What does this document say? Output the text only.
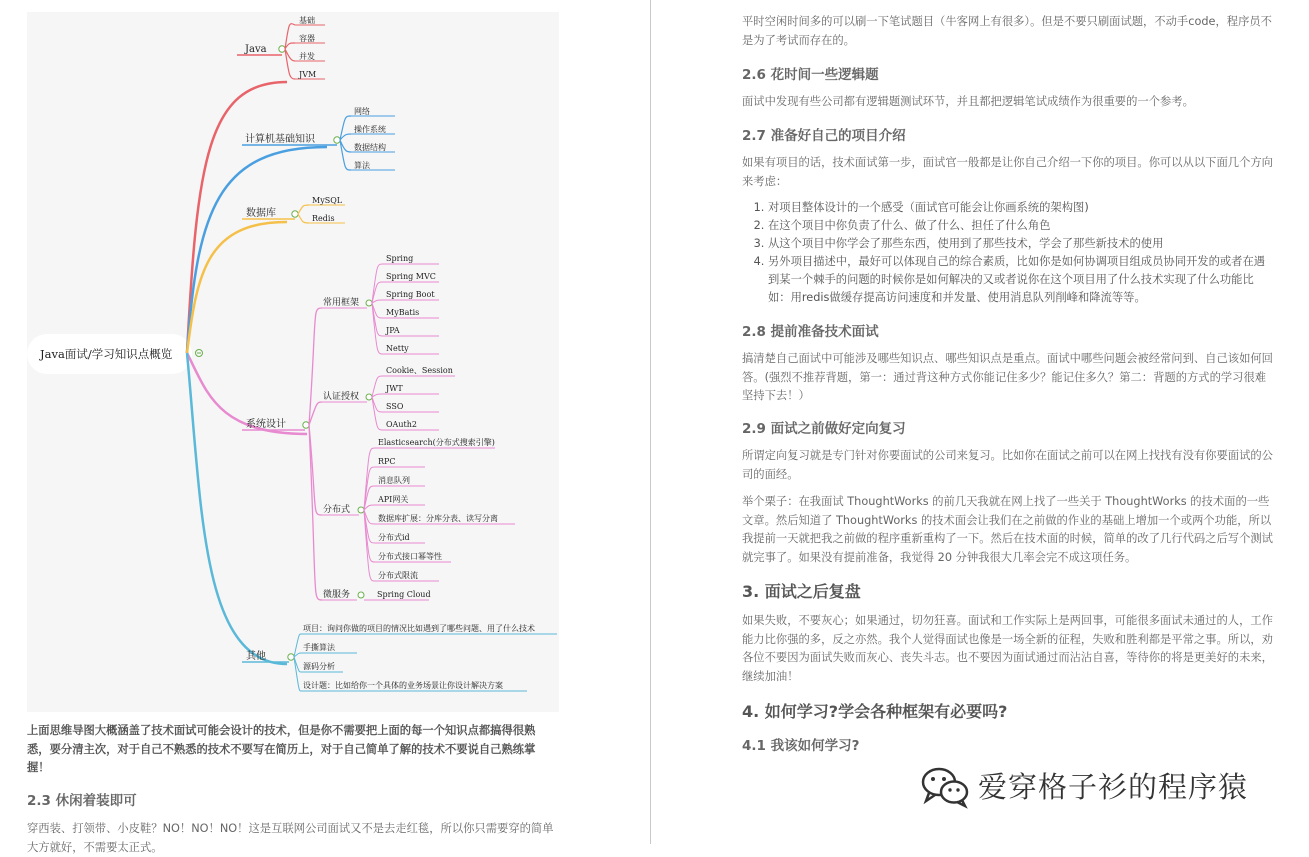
Java面试/学习知识点概览
Java
基础
容器
并发
JVM
计算机基础知识
网络
操作系统
数据结构
算法
数据库
MySQL
Redis
系统设计
常用框架
Spring
Spring MVC
Spring Boot
MyBatis
JPA
Netty
认证授权
Cookie、Session
JWT
SSO
OAuth2
分布式
Elasticsearch(分布式搜索引擎)
RPC
消息队列
API网关
数据库扩展：分库分表、读写分离
分布式id
分布式接口幂等性
分布式限流
微服务	Spring Cloud
其他
项目：询问你做的项目的情况比如遇到了哪些问题、用了什么技术
手撕算法
源码分析
设计题：比如给你一个具体的业务场景让你设计解决方案

上面思维导图大概涵盖了技术面试可能会设计的技术，但是你不需要把上面的每一个知识点都搞得很熟悉，要分清主次，对于自己不熟悉的技术不要写在简历上，对于自己简单了解的技术不要说自己熟练掌握！

2.3 休闲着装即可

穿西装、打领带、小皮鞋？NO！NO！NO！这是互联网公司面试又不是去走红毯，所以你只需要穿的简单大方就好，不需要太正式。

平时空闲时间多的可以刷一下笔试题目（牛客网上有很多）。但是不要只刷面试题，不动手code，程序员不是为了考试而存在的。

2.6 花时间一些逻辑题

面试中发现有些公司都有逻辑题测试环节，并且都把逻辑笔试成绩作为很重要的一个参考。

2.7 准备好自己的项目介绍

如果有项目的话，技术面试第一步，面试官一般都是让你自己介绍一下你的项目。你可以从以下面几个方向来考虑：

1. 对项目整体设计的一个感受（面试官可能会让你画系统的架构图)
2. 在这个项目中你负责了什么、做了什么、担任了什么角色
3. 从这个项目中你学会了那些东西，使用到了那些技术，学会了那些新技术的使用
4. 另外项目描述中，最好可以体现自己的综合素质，比如你是如何协调项目组成员协同开发的或者在遇到某一个棘手的问题的时候你是如何解决的又或者说你在这个项目用了什么技术实现了什么功能比如：用redis做缓存提高访问速度和并发量、使用消息队列削峰和降流等等。
2.8 提前准备技术面试

搞清楚自己面试中可能涉及哪些知识点、哪些知识点是重点。面试中哪些问题会被经常问到、自己该如何回答。(强烈不推荐背题，第一：通过背这种方式你能记住多少？能记住多久？第二：背题的方式的学习很难坚持下去！）

2.9 面试之前做好定向复习

所谓定向复习就是专门针对你要面试的公司来复习。比如你在面试之前可以在网上找找有没有你要面试的公司的面经。

举个栗子：在我面试 ThoughtWorks 的前几天我就在网上找了一些关于 ThoughtWorks 的技术面的一些文章。然后知道了 ThoughtWorks 的技术面会让我们在之前做的作业的基础上增加一个或两个功能，所以我提前一天就把我之前做的程序重新重构了一下。然后在技术面的时候，简单的改了几行代码之后写个测试就完事了。如果没有提前准备，我觉得 20 分钟我很大几率会完不成这项任务。

3. 面试之后复盘

如果失败，不要灰心；如果通过，切勿狂喜。面试和工作实际上是两回事，可能很多面试未通过的人，工作能力比你强的多，反之亦然。我个人觉得面试也像是一场全新的征程，失败和胜利都是平常之事。所以，劝各位不要因为面试失败而灰心、丧失斗志。也不要因为面试通过而沾沾自喜，等待你的将是更美好的未来，继续加油！

4. 如何学习?学会各种框架有必要吗?
4.1 我该如何学习?
爱穿格子衫的程序猿
